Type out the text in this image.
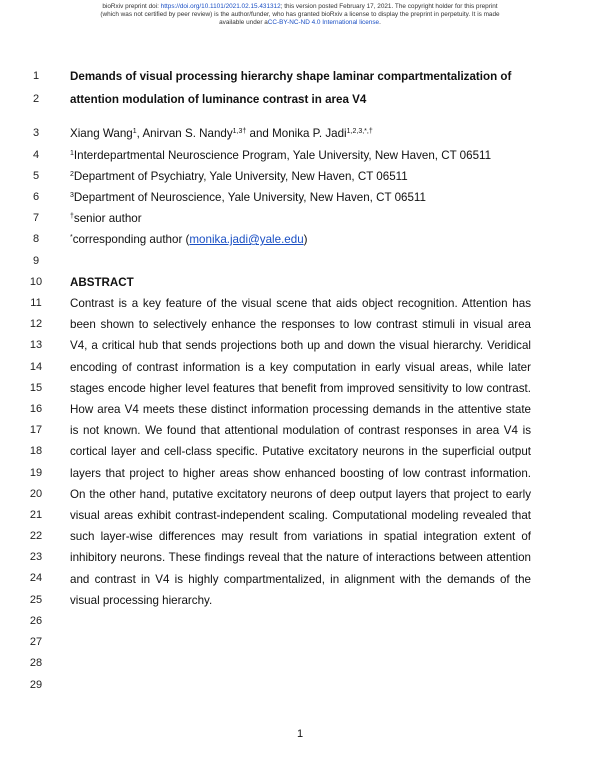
bioRxiv preprint doi: https://doi.org/10.1101/2021.02.15.431312; this version posted February 17, 2021. The copyright holder for this preprint
(which was not certified by peer review) is the author/funder, who has granted bioRxiv a license to display the preprint in perpetuity. It is made
available under aCC-BY-NC-ND 4.0 International license.
1
2
3
4
5
6
7
8
9
10
11
12
13
14
15
16
17
18
19
20
21
22
23
24
25
26
27
28
29
Demands of visual processing hierarchy shape laminar compartmentalization of
attention modulation of luminance contrast in area V4
Xiang Wang$^1$, Anirvan S. Nandy$^{1,3\dagger}$ and Monika P. Jadi$^{1,2,3,*,\dagger}$
$^1$Interdepartmental Neuroscience Program, Yale University, New Haven, CT 06511
$^2$Department of Psychiatry, Yale University, New Haven, CT 06511
$^3$Department of Neuroscience, Yale University, New Haven, CT 06511
†senior author
*corresponding author (monika.jadi@yale.edu)
ABSTRACT
Contrast is a key feature of the visual scene that aids object recognition. Attention has
been shown to selectively enhance the responses to low contrast stimuli in visual area
V4, a critical hub that sends projections both up and down the visual hierarchy. Veridical
encoding of contrast information is a key computation in early visual areas, while later
stages encode higher level features that benefit from improved sensitivity to low contrast.
How area V4 meets these distinct information processing demands in the attentive state
is not known. We found that attentional modulation of contrast responses in area V4 is
cortical layer and cell-class specific. Putative excitatory neurons in the superficial output
layers that project to higher areas show enhanced boosting of low contrast information.
On the other hand, putative excitatory neurons of deep output layers that project to early
visual areas exhibit contrast-independent scaling. Computational modeling revealed that
such layer-wise differences may result from variations in spatial integration extent of
inhibitory neurons. These findings reveal that the nature of interactions between attention
and contrast in V4 is highly compartmentalized, in alignment with the demands of the
visual processing hierarchy.
1
